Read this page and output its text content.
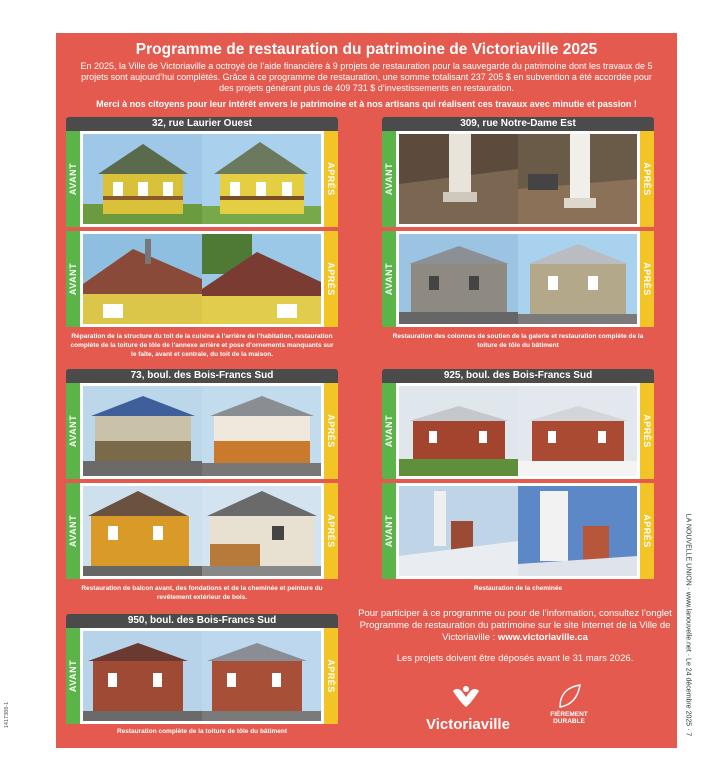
Programme de restauration du patrimoine de Victoriaville 2025
En 2025, la Ville de Victoriaville a octroyé de l’aide financière à 9 projets de restauration pour la sauvegarde du patrimoine dont les travaux de 5 projets sont aujourd’hui complétés. Grâce à ce programme de restauration, une somme totalisant 237 205 $ en subvention a été accordée pour des projets générant plus de 409 731 $ d’investissements en restauration.
Merci à nos citoyens pour leur intérêt envers le patrimoine et à nos artisans qui réalisent ces travaux avec minutie et passion !
32, rue Laurier Ouest
AVANT	APRÈS
AVANT	APRÈS
Réparation de la structure du toit de la cuisine à l’arrière de l’habitation, restauration complète de la toiture de tôle de l’annexe arrière et pose d’ornements manquants sur le faîte, avant et centrale, du toit de la maison.
309, rue Notre-Dame Est
AVANT	APRÈS
AVANT	APRÈS
Restauration des colonnes de soutien de la galerie et restauration complète de la toiture de tôle du bâtiment
73, boul. des Bois-Francs Sud
AVANT	APRÈS
AVANT	APRÈS
Restauration de balcon avant, des fondations et de la cheminée et peinture du revêtement extérieur de bois.
925, boul. des Bois-Francs Sud
AVANT	APRÈS
AVANT	APRÈS
Restauration de la cheminée
950, boul. des Bois-Francs Sud
AVANT	APRÈS
Restauration complète de la toiture de tôle du bâtiment
Pour participer à ce programme ou pour de l’information, consultez l’onglet Programme de restauration du patrimoine sur le site Internet de la Ville de Victoriaville : www.victoriaville.ca
Les projets doivent être déposés avant le 31 mars 2026.
Victoriaville
FIÈREMENT DURABLE	LA NOUVELLE UNION · www.lanouvelle.net · Le 24 décembre 2025 · 7
1417388-1
